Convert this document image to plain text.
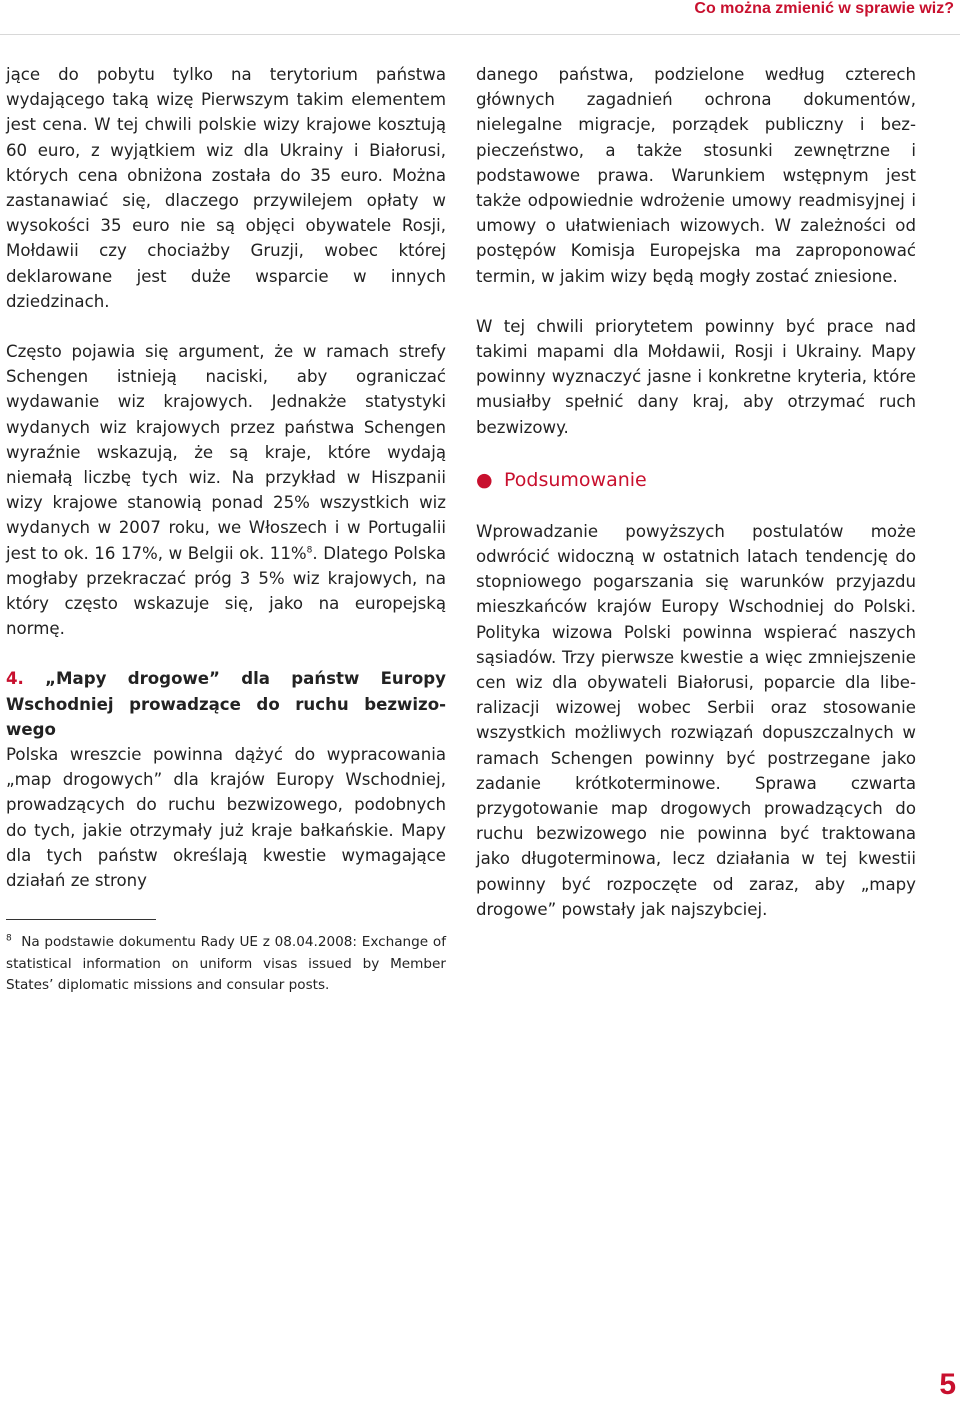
Co można zmienić w sprawie wiz?

jące do pobytu tylko na terytorium państwa wydającego taką wizę Pierwszym takim elementem jest cena. W tej chwili polskie wizy krajowe kosztują 60 euro, z wyjątkiem wiz dla Ukrainy i Białorusi, których cena obniżona została do 35 euro. Można zastanawiać się, dlaczego przywilejem opłaty w wysokości 35 euro nie są objęci obywatele Rosji, Mołdawii czy chociażby Gruzji, wobec której deklarowane jest duże wsparcie w innych dziedzinach.

Często pojawia się argument, że w ramach strefy Schengen istnieją naciski, aby ograniczać wydawanie wiz krajowych. Jednakże statystyki wydanych wiz krajowych przez państwa Schengen wyraźnie wskazują, że są kraje, które wydają niemałą liczbę tych wiz. Na przykład w Hiszpanii wizy krajowe stanowią ponad 25% wszystkich wiz wydanych w 2007 roku, we Włoszech i w Portugalii jest to ok. 16 17%, w Belgii ok. 11%$^8$. Dlatego Polska mogłaby przekraczać próg 3 5% wiz krajowych, na który często wskazuje się, jako na europejską normę.

4. „Mapy drogowe” dla państw Europy Wschodniej prowadzące do ruchu bezwizowego

Polska wreszcie powinna dążyć do wypracowania „map drogowych” dla krajów Europy Wschodniej, prowadzących do ruchu bezwizowego, podobnych do tych, jakie otrzymały już kraje bałkańskie. Mapy dla tych państw określają kwestie wymagające działań ze strony

$^8$ Na podstawie dokumentu Rady UE z 08.04.2008: Exchange of statistical information on uniform visas issued by Member States’ diplomatic missions and consular posts.

danego państwa, podzielone według czterech głównych zagadnień ochrona dokumentów, nielegalne migracje, porządek publiczny i bezpieczeństwo, a także stosunki zewnętrzne i podstawowe prawa. Warunkiem wstępnym jest także odpowiednie wdrożenie umowy readmisyjnej i umowy o ułatwieniach wizowych. W zależności od postępów Komisja Europejska ma zaproponować termin, w jakim wizy będą mogły zostać zniesione.

W tej chwili priorytetem powinny być prace nad takimi mapami dla Mołdawii, Rosji i Ukrainy. Mapy powinny wyznaczyć jasne i konkretne kryteria, które musiałby spełnić dany kraj, aby otrzymać ruch bezwizowy.

● Podsumowanie

Wprowadzanie powyższych postulatów może odwrócić widoczną w ostatnich latach tendencję do stopniowego pogarszania się warunków przyjazdu mieszkańców krajów Europy Wschodniej do Polski. Polityka wizowa Polski powinna wspierać naszych sąsiadów. Trzy pierwsze kwestie a więc zmniejszenie cen wiz dla obywateli Białorusi, poparcie dla liberalizacji wizowej wobec Serbii oraz stosowanie wszystkich możliwych rozwiązań dopuszczalnych w ramach Schengen powinny być postrzegane jako zadanie krótkoterminowe. Sprawa czwarta przygotowanie map drogowych prowadzących do ruchu bezwizowego nie powinna być traktowana jako długoterminowa, lecz działania w tej kwestii powinny być rozpoczęte od zaraz, aby „mapy drogowe” powstały jak najszybciej.

5
